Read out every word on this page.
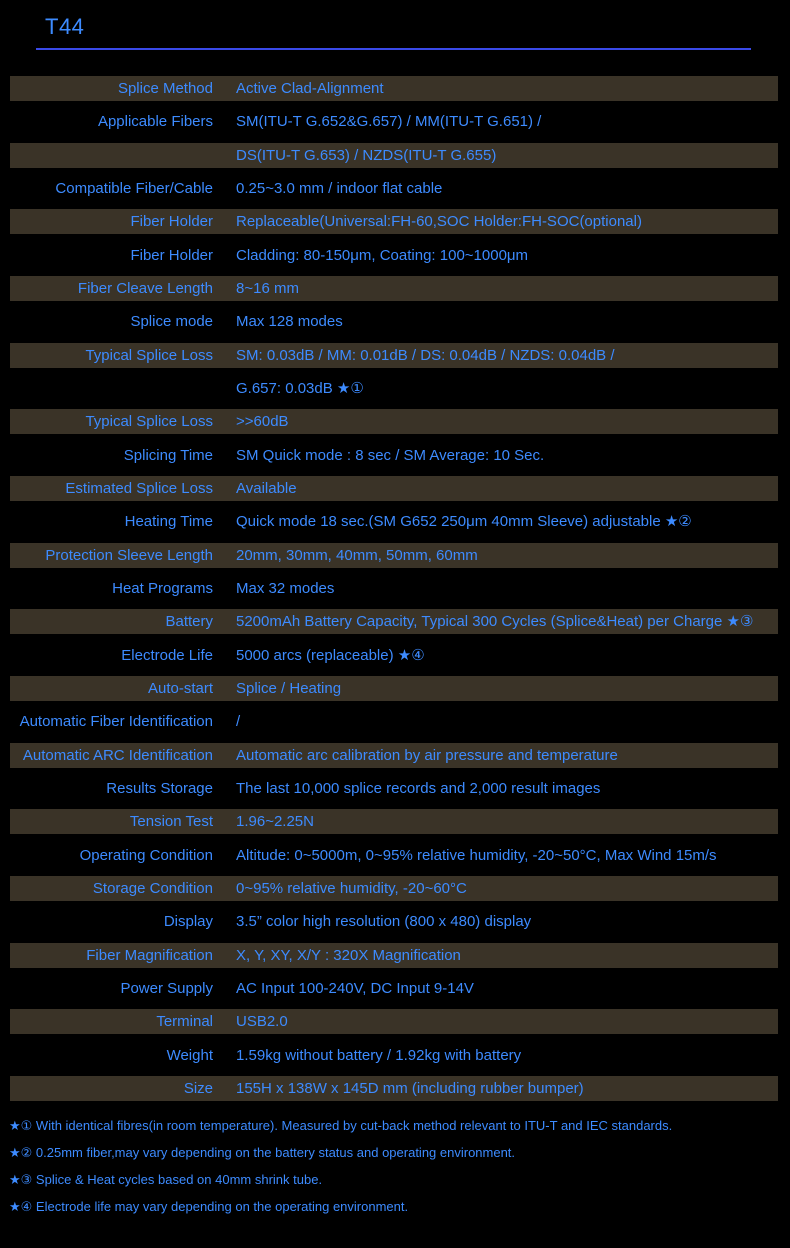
T44
Splice Method Active Clad-Alignment
Applicable Fibers SM(ITU-T G.652&G.657) / MM(ITU-T G.651) /
DS(ITU-T G.653) / NZDS(ITU-T G.655)
Compatible Fiber/Cable 0.25~3.0 mm / indoor flat cable
Fiber Holder Replaceable(Universal:FH-60,SOC Holder:FH-SOC(optional)
Fiber Holder Cladding: 80-150μm, Coating: 100~1000μm
Fiber Cleave Length 8~16 mm
Splice mode Max 128 modes
Typical Splice Loss SM: 0.03dB / MM: 0.01dB / DS: 0.04dB / NZDS: 0.04dB /
G.657: 0.03dB ★①
Typical Splice Loss >>60dB
Splicing Time SM Quick mode : 8 sec / SM Average: 10 Sec.
Estimated Splice Loss Available
Heating Time Quick mode 18 sec.(SM G652 250μm 40mm Sleeve) adjustable ★②
Protection Sleeve Length 20mm, 30mm, 40mm, 50mm, 60mm
Heat Programs Max 32 modes
Battery 5200mAh Battery Capacity, Typical 300 Cycles (Splice&Heat) per Charge ★③
Electrode Life 5000 arcs (replaceable) ★④
Auto-start Splice / Heating
Automatic Fiber Identification /
Automatic ARC Identification Automatic arc calibration by air pressure and temperature
Results Storage The last 10,000 splice records and 2,000 result images
Tension Test 1.96~2.25N
Operating Condition Altitude: 0~5000m, 0~95% relative humidity, -20~50°C, Max Wind 15m/s
Storage Condition 0~95% relative humidity, -20~60°C
Display 3.5” color high resolution (800 x 480) display
Fiber Magnification X, Y, XY, X/Y : 320X Magnification
Power Supply AC Input 100-240V, DC Input 9-14V
Terminal USB2.0
Weight 1.59kg without battery / 1.92kg with battery
Size 155H x 138W x 145D mm (including rubber bumper)
★① With identical fibres(in room temperature). Measured by cut-back method relevant to ITU-T and IEC standards.
★② 0.25mm fiber,may vary depending on the battery status and operating environment.
★③ Splice & Heat cycles based on 40mm shrink tube.
★④ Electrode life may vary depending on the operating environment.
